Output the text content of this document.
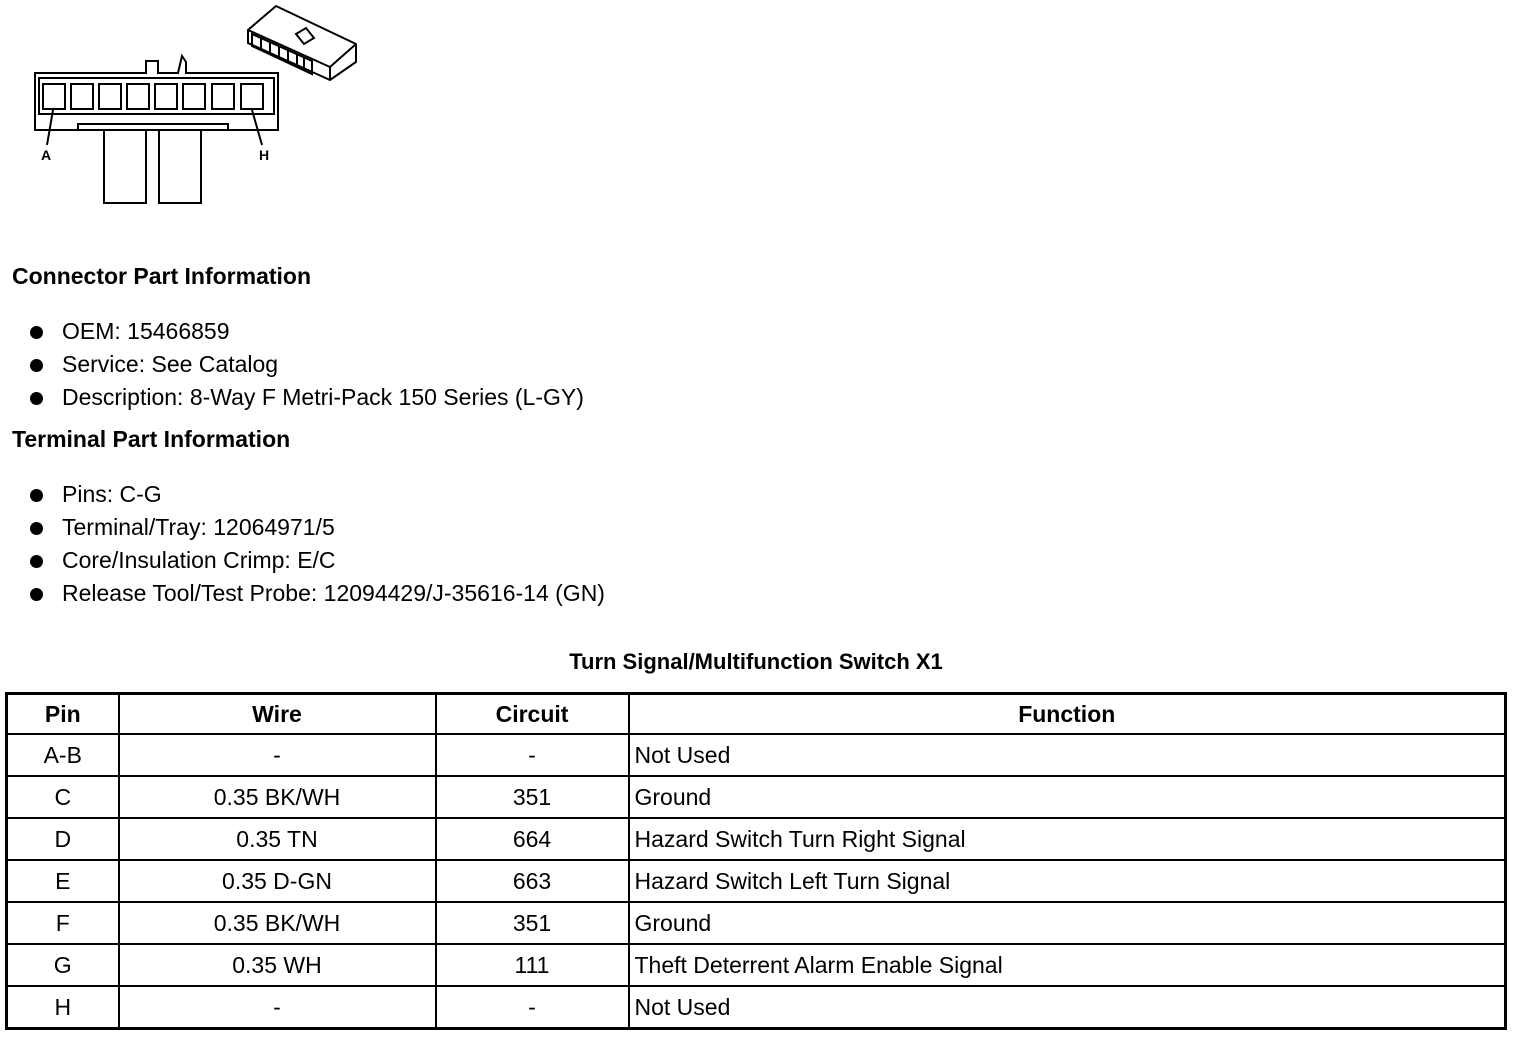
A	H
Connector Part Information
OEM: 15466859
Service: See Catalog
Description: 8-Way F Metri-Pack 150 Series (L-GY)
Terminal Part Information
Pins: C-G
Terminal/Tray: 12064971/5
Core/Insulation Crimp: E/C
Release Tool/Test Probe: 12094429/J-35616-14 (GN)
Turn Signal/Multifunction Switch X1
Pin	Wire	Circuit	Function
A-B	-	-	Not Used
C	0.35 BK/WH	351	Ground
D	0.35 TN	664	Hazard Switch Turn Right Signal
E	0.35 D-GN	663	Hazard Switch Left Turn Signal
F	0.35 BK/WH	351	Ground
G	0.35 WH	111	Theft Deterrent Alarm Enable Signal
H	-	-	Not Used
